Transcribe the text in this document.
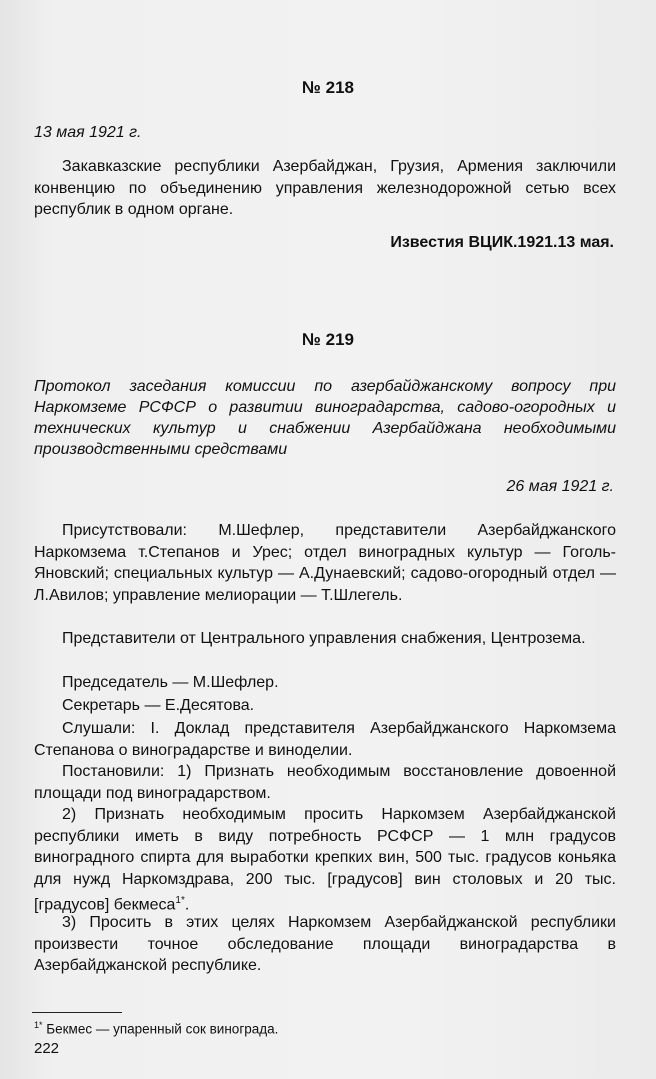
№ 218

13 мая 1921 г.

Закавказские республики Азербайджан, Грузия, Армения заключили конвенцию по объединению управления железнодорожной сетью всех республик в одном органе.

Известия ВЦИК.1921.13 мая.

№ 219

Протокол заседания комиссии по азербайджанскому вопросу при Наркомземе РСФСР о развитии виноградарства, садово-огородных и технических культур и снабжении Азербайджана необходимыми производственными средствами

26 мая 1921 г.

Присутствовали: М.Шефлер, представители Азербайджанского Наркомзема т.Степанов и Урес; отдел виноградных культур — Гоголь-Яновский; специальных культур — А.Дунаевский; садово-огородный отдел — Л.Авилов; управление мелиорации — Т.Шлегель.

Представители от Центрального управления снабжения, Центрозема.

Председатель — М.Шефлер.

Секретарь — Е.Десятова.

Слушали: I. Доклад представителя Азербайджанского Наркомзема Степанова о виноградарстве и виноделии.

Постановили: 1) Признать необходимым восстановление довоенной площади под виноградарством.

2) Признать необходимым просить Наркомзем Азербайджанской республики иметь в виду потребность РСФСР — 1 млн градусов виноградного спирта для выработки крепких вин, 500 тыс. градусов коньяка для нужд Наркомздрава, 200 тыс. [градусов] вин столовых и 20 тыс. [градусов] бекмеса$^{1*}$.

3) Просить в этих целях Наркомзем Азербайджанской республики произвести точное обследование площади виноградарства в Азербайджанской республике.

$^{1*}$ Бекмес — упаренный сок винограда.

222
